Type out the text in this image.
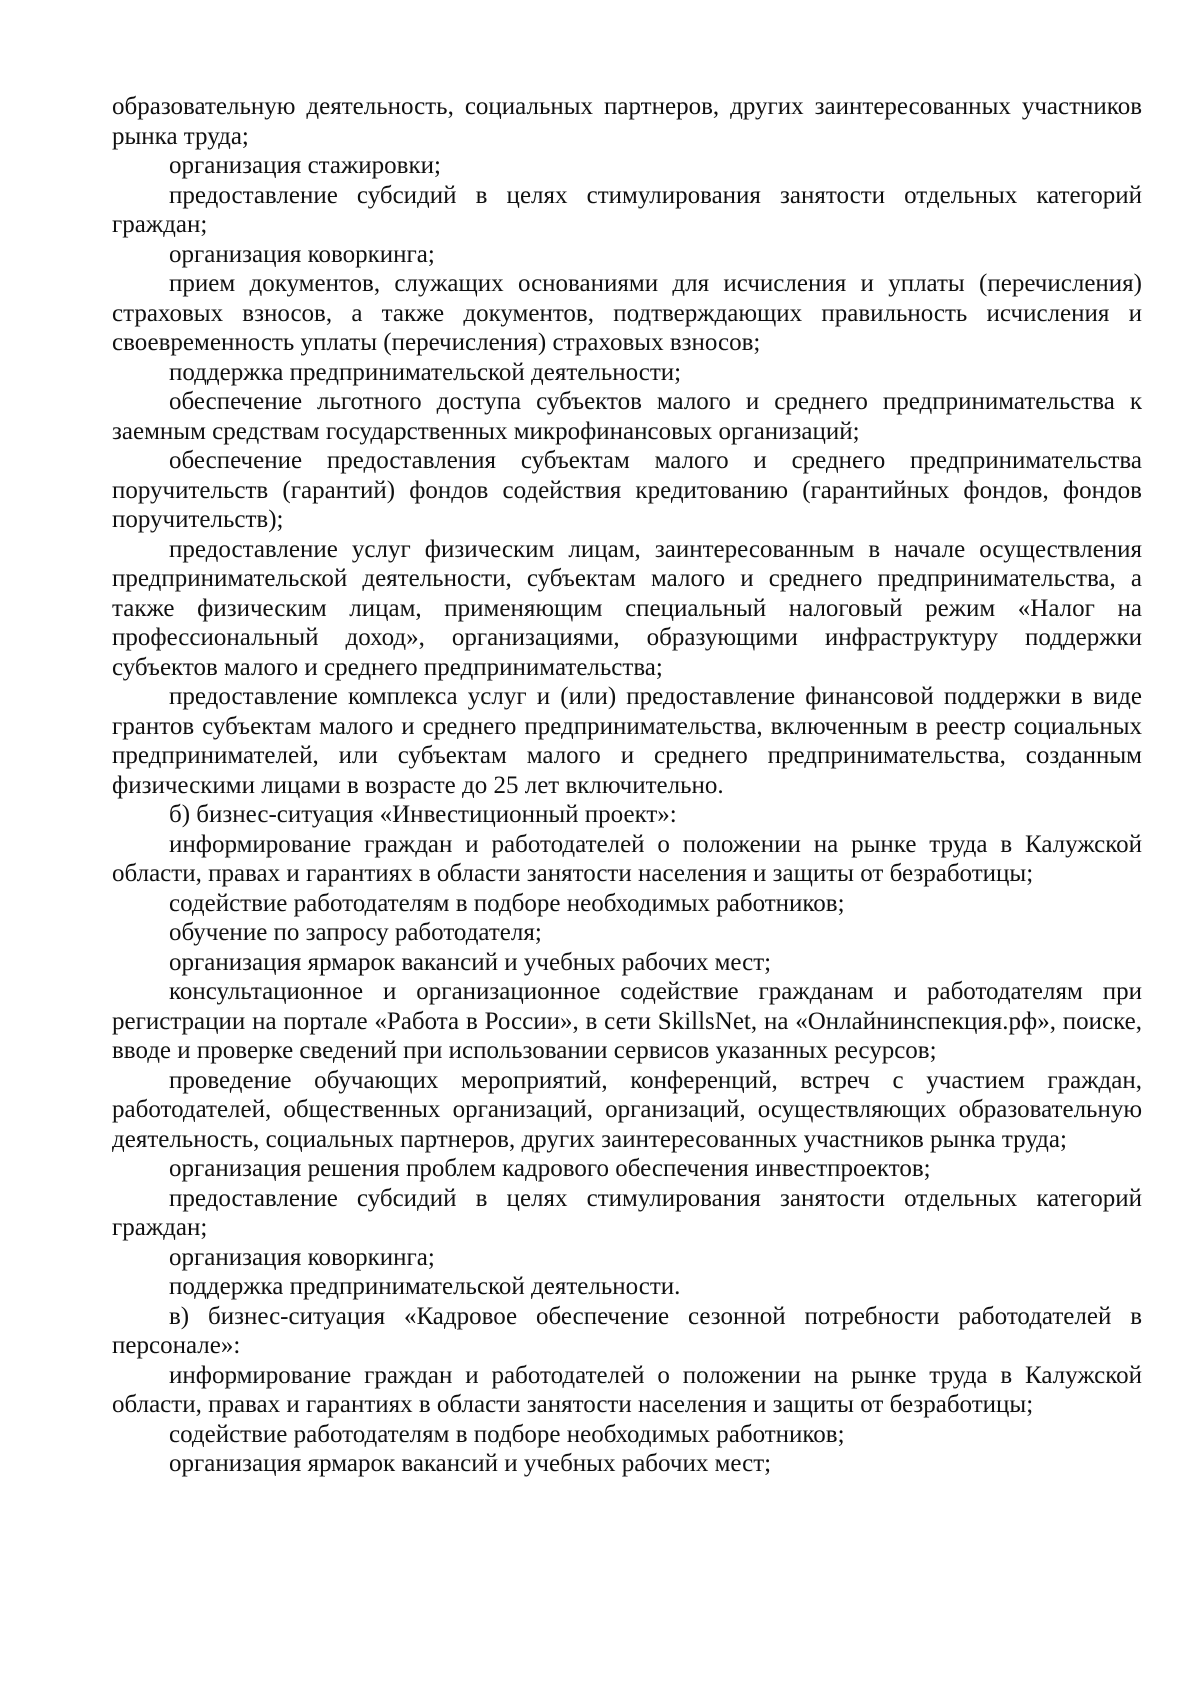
образовательную деятельность, социальных партнеров, других заинтересованных участников рынка труда;

организация стажировки;

предоставление субсидий в целях стимулирования занятости отдельных категорий граждан;

организация коворкинга;

прием документов, служащих основаниями для исчисления и уплаты (перечисления) страховых взносов, а также документов, подтверждающих правильность исчисления и своевременность уплаты (перечисления) страховых взносов;

поддержка предпринимательской деятельности;

обеспечение льготного доступа субъектов малого и среднего предпринимательства к заемным средствам государственных микрофинансовых организаций;

обеспечение предоставления субъектам малого и среднего предпринимательства поручительств (гарантий) фондов содействия кредитованию (гарантийных фондов, фондов поручительств);

предоставление услуг физическим лицам, заинтересованным в начале осуществления предпринимательской деятельности, субъектам малого и среднего предпринимательства, а также физическим лицам, применяющим специальный налоговый режим «Налог на профессиональный доход», организациями, образующими инфраструктуру поддержки субъектов малого и среднего предпринимательства;

предоставление комплекса услуг и (или) предоставление финансовой поддержки в виде грантов субъектам малого и среднего предпринимательства, включенным в реестр социальных предпринимателей, или субъектам малого и среднего предпринимательства, созданным физическими лицами в возрасте до 25 лет включительно.

б) бизнес-ситуация «Инвестиционный проект»:

информирование граждан и работодателей о положении на рынке труда в Калужской области, правах и гарантиях в области занятости населения и защиты от безработицы;

содействие работодателям в подборе необходимых работников;

обучение по запросу работодателя;

организация ярмарок вакансий и учебных рабочих мест;

консультационное и организационное содействие гражданам и работодателям при регистрации на портале «Работа в России», в сети SkillsNet, на «Онлайнинспекция.рф», поиске, вводе и проверке сведений при использовании сервисов указанных ресурсов;

проведение обучающих мероприятий, конференций, встреч с участием граждан, работодателей, общественных организаций, организаций, осуществляющих образовательную деятельность, социальных партнеров, других заинтересованных участников рынка труда;

организация решения проблем кадрового обеспечения инвестпроектов;

предоставление субсидий в целях стимулирования занятости отдельных категорий граждан;

организация коворкинга;

поддержка предпринимательской деятельности.

в) бизнес-ситуация «Кадровое обеспечение сезонной потребности работодателей в персонале»:

информирование граждан и работодателей о положении на рынке труда в Калужской области, правах и гарантиях в области занятости населения и защиты от безработицы;

содействие работодателям в подборе необходимых работников;

организация ярмарок вакансий и учебных рабочих мест;
